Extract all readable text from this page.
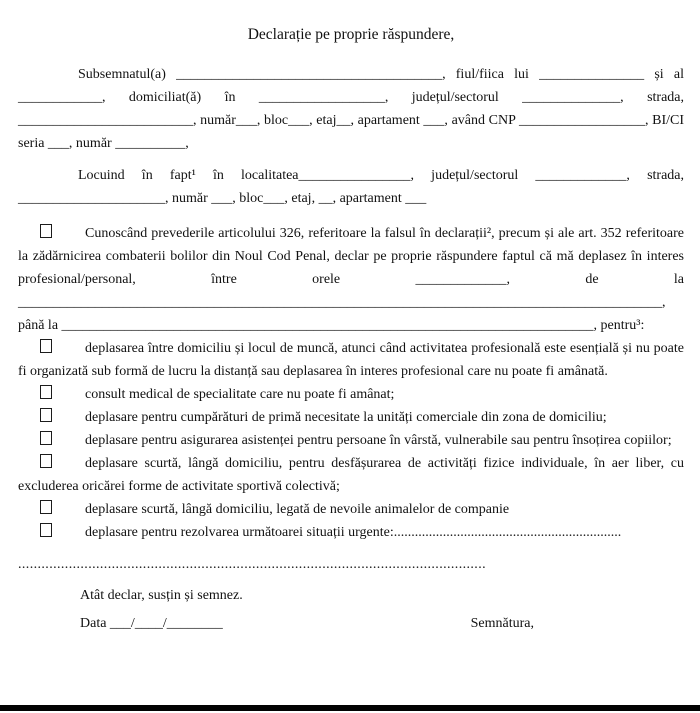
Declarație pe proprie răspundere,

Subsemnatul(a) ______________________________________, fiul/fiica lui _______________ și al ____________, domiciliat(ă) în __________________, județul/sectorul ______________, strada, _________________________, număr___, bloc___, etaj__, apartament ___, având CNP __________________, BI/CI seria ___, număr __________,

Locuind în fapt¹ în localitatea________________, județul/sectorul _____________, strada, _____________________, număr ___, bloc___, etaj, __, apartament ___

Cunoscând prevederile articolului 326, referitoare la falsul în declarații², precum și ale art. 352 referitoare la zădărnicirea combaterii bolilor din Noul Cod Penal, declar pe proprie răspundere faptul că mă deplasez în interes profesional/personal, între orele _____________, de la ____________________________________________________________________________________________, până la ____________________________________________________________________________, pentru³:

deplasarea între domiciliu și locul de muncă, atunci când activitatea profesională este esențială și nu poate fi organizată sub formă de lucru la distanță sau deplasarea în interes profesional care nu poate fi amânată.

consult medical de specialitate care nu poate fi amânat;

deplasare pentru cumpărături de primă necesitate la unități comerciale din zona de domiciliu;

deplasare pentru asigurarea asistenței pentru persoane în vârstă, vulnerabile sau pentru însoțirea copiilor;

deplasare scurtă, lângă domiciliu, pentru desfășurarea de activități fizice individuale, în aer liber, cu excluderea oricărei forme de activitate sportivă colectivă;

deplasare scurtă, lângă domiciliu, legată de nevoile animalelor de companie

deplasare pentru rezolvarea următoarei situații urgente:.................................................................

........................................................................................................................

Atât declar, susțin și semnez.

Data ___/____/________	Semnătura,
